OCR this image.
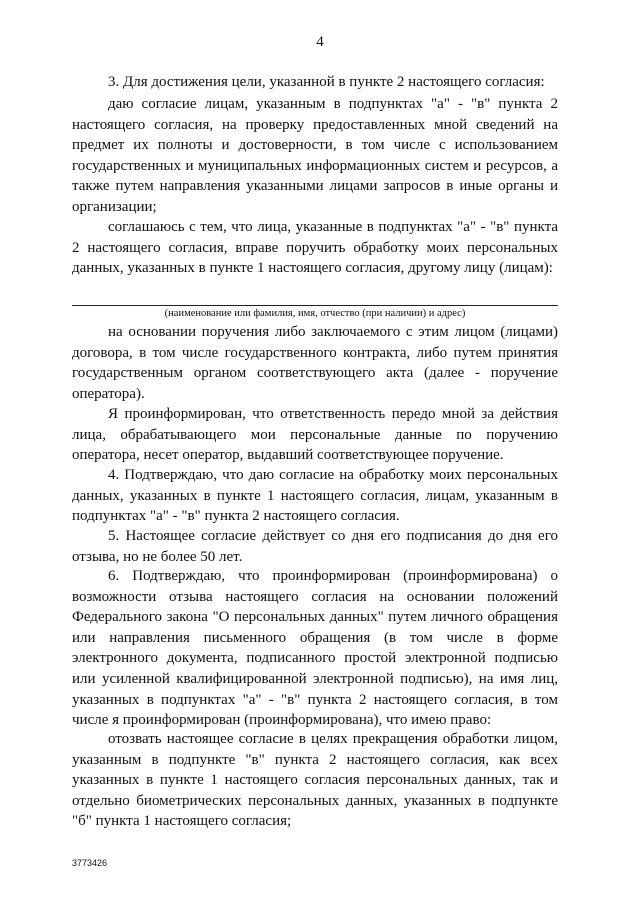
4

3. Для достижения цели, указанной в пункте 2 настоящего согласия:

даю согласие лицам, указанным в подпунктах "а" - "в" пункта 2 настоящего согласия, на проверку предоставленных мной сведений на предмет их полноты и достоверности, в том числе с использованием государственных и муниципальных информационных систем и ресурсов, а также путем направления указанными лицами запросов в иные органы и организации;

соглашаюсь с тем, что лица, указанные в подпунктах "а" - "в" пункта 2 настоящего согласия, вправе поручить обработку моих персональных данных, указанных в пункте 1 настоящего согласия, другому лицу (лицам):

(наименование или фамилия, имя, отчество (при наличии) и адрес)

на основании поручения либо заключаемого с этим лицом (лицами) договора, в том числе государственного контракта, либо путем принятия государственным органом соответствующего акта (далее - поручение оператора).

Я проинформирован, что ответственность передо мной за действия лица, обрабатывающего мои персональные данные по поручению оператора, несет оператор, выдавший соответствующее поручение.

4. Подтверждаю, что даю согласие на обработку моих персональных данных, указанных в пункте 1 настоящего согласия, лицам, указанным в подпунктах "а" - "в" пункта 2 настоящего согласия.

5. Настоящее согласие действует со дня его подписания до дня его отзыва, но не более 50 лет.

6. Подтверждаю, что проинформирован (проинформирована) о возможности отзыва настоящего согласия на основании положений Федерального закона "О персональных данных" путем личного обращения или направления письменного обращения (в том числе в форме электронного документа, подписанного простой электронной подписью или усиленной квалифицированной электронной подписью), на имя лиц, указанных в подпунктах "а" - "в" пункта 2 настоящего согласия, в том числе я проинформирован (проинформирована), что имею право:

отозвать настоящее согласие в целях прекращения обработки лицом, указанным в подпункте "в" пункта 2 настоящего согласия, как всех указанных в пункте 1 настоящего согласия персональных данных, так и отдельно биометрических персональных данных, указанных в подпункте "б" пункта 1 настоящего согласия;

3773426
